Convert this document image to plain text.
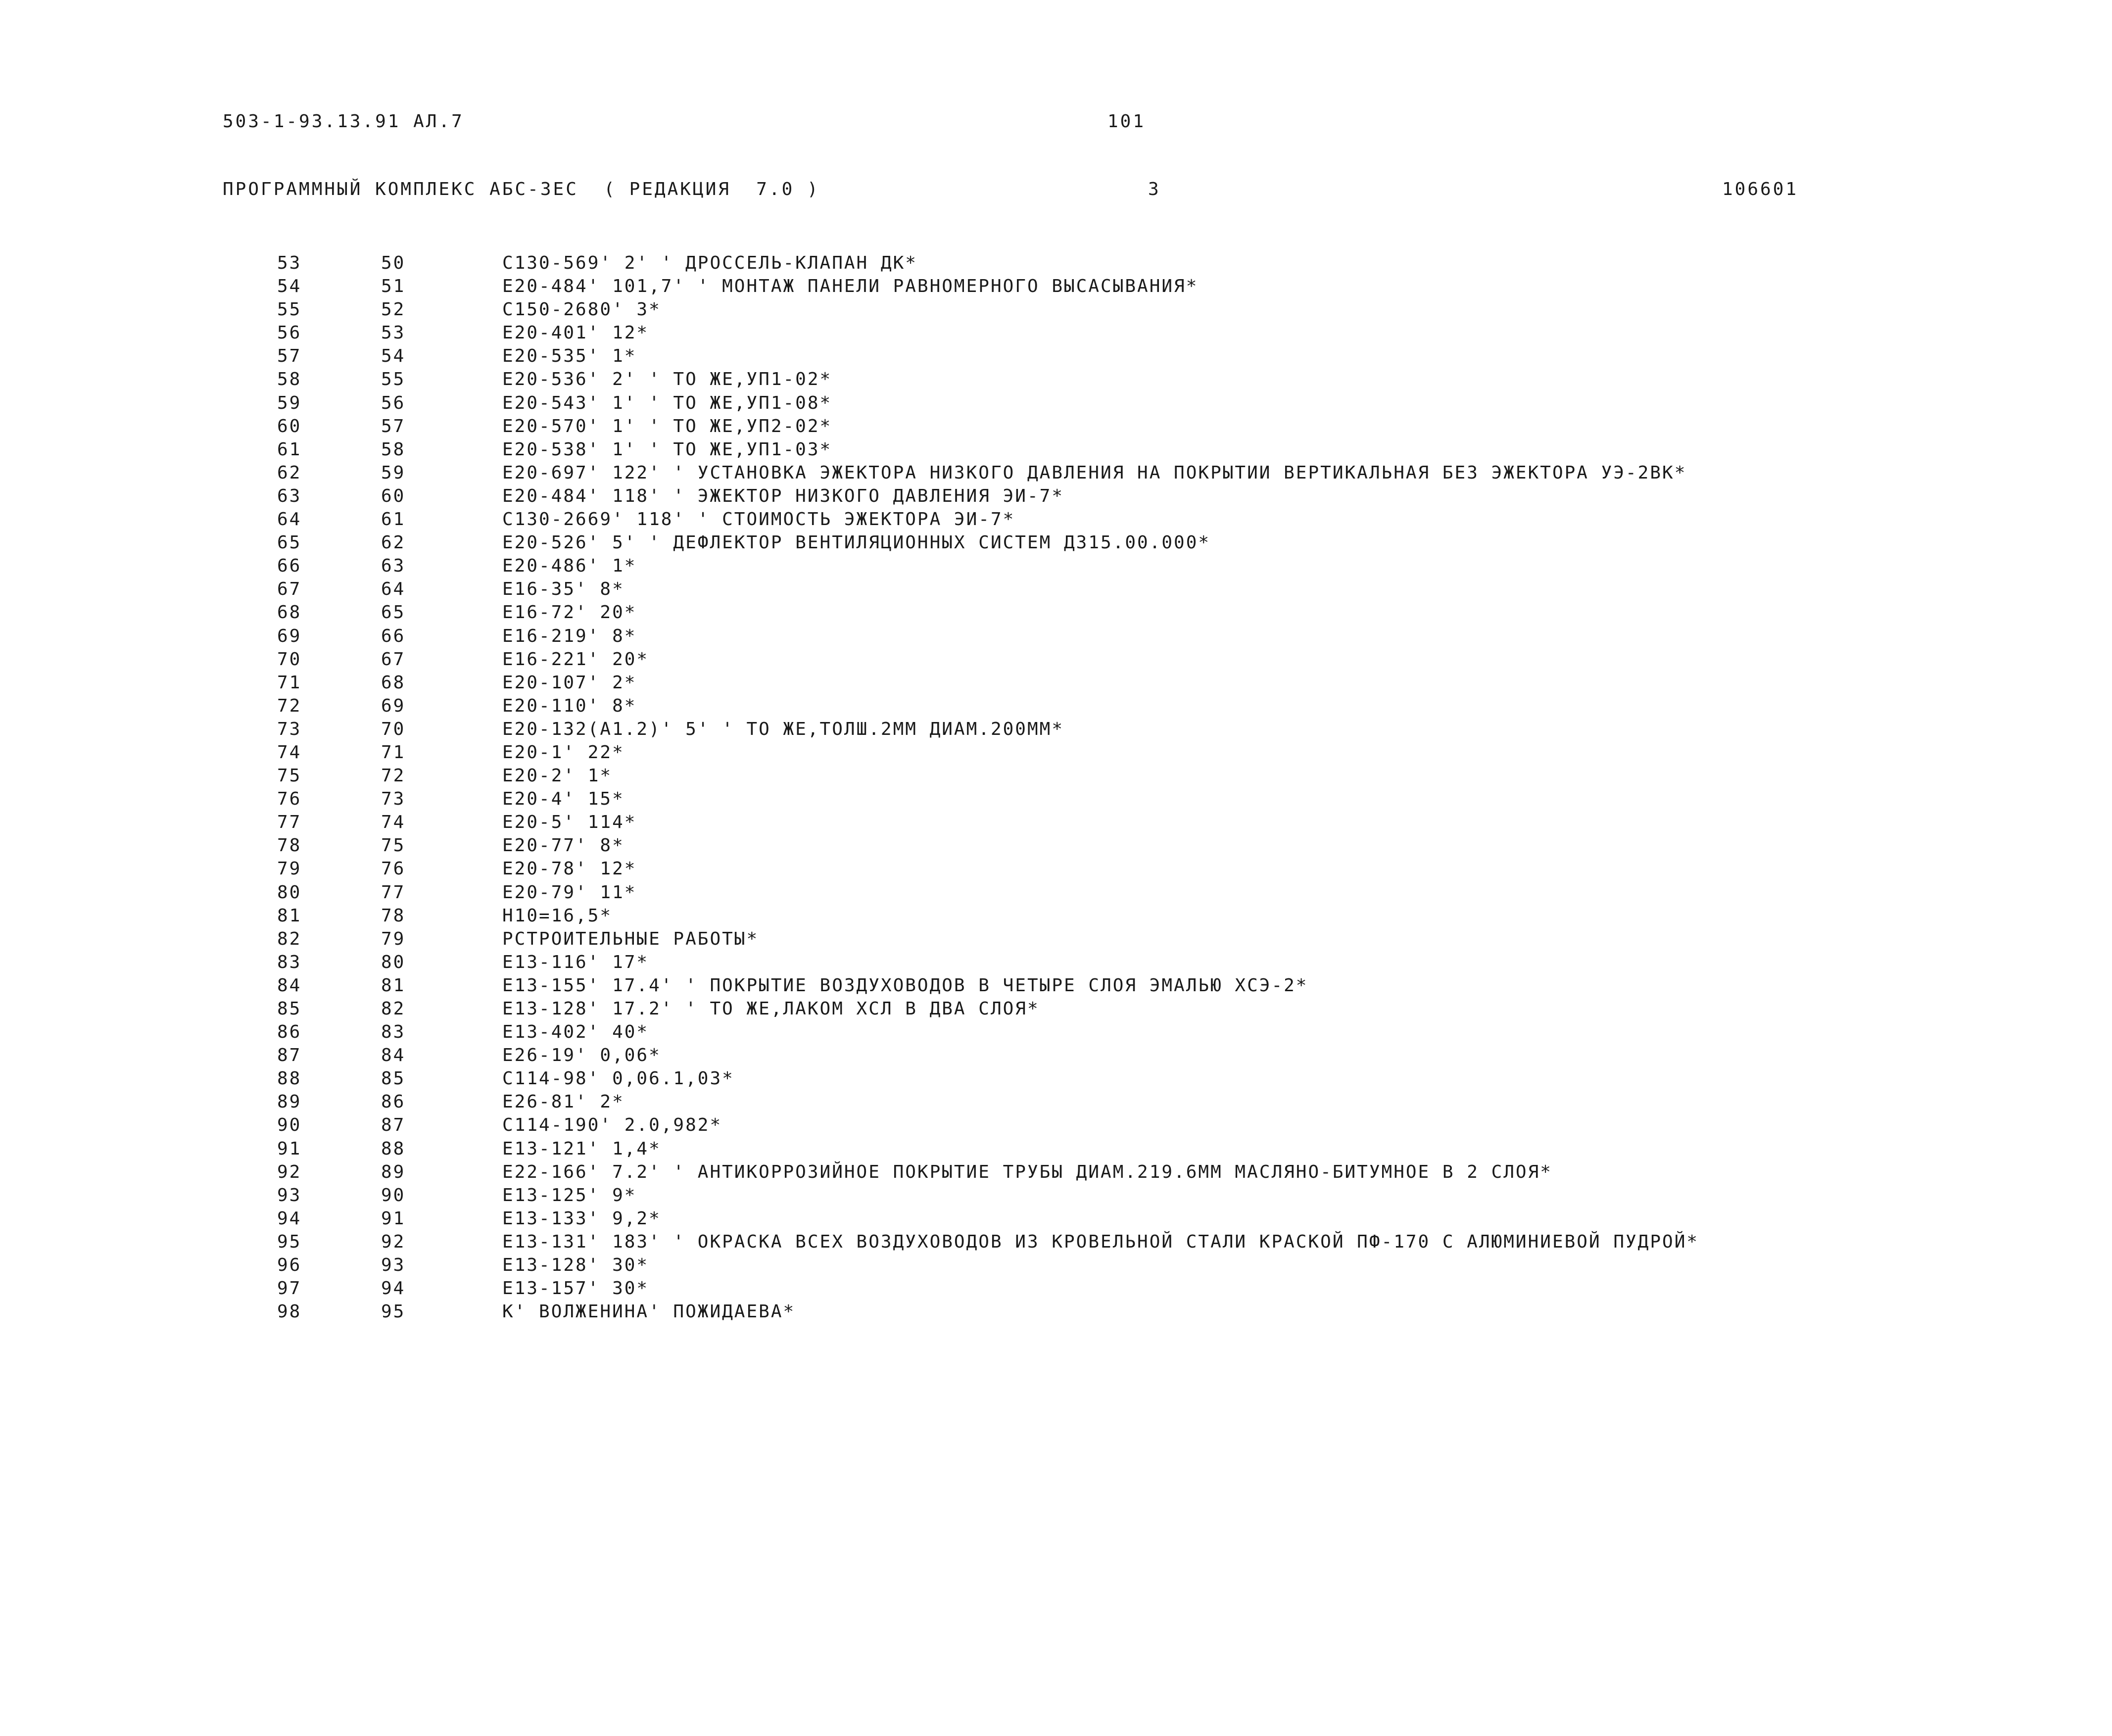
503-1-93.13.91 АЛ.7	101
ПРОГРАММНЫЙ КОМПЛЕКС АБС-3ЕС  ( РЕДАКЦИЯ  7.0 )	3	106601
53	50	С130-569' 2' ' ДРОССЕЛЬ-КЛАПАН ДК*
54	51	Е20-484' 101,7' ' МОНТАЖ ПАНЕЛИ РАВНОМЕРНОГО ВЫСАСЫВАНИЯ*
55	52	С150-2680' 3*
56	53	Е20-401' 12*
57	54	Е20-535' 1*
58	55	Е20-536' 2' ' ТО ЖЕ,УП1-02*
59	56	Е20-543' 1' ' ТО ЖЕ,УП1-08*
60	57	Е20-570' 1' ' ТО ЖЕ,УП2-02*
61	58	Е20-538' 1' ' ТО ЖЕ,УП1-03*
62	59	Е20-697' 122' ' УСТАНОВКА ЭЖЕКТОРА НИЗКОГО ДАВЛЕНИЯ НА ПОКРЫТИИ ВЕРТИКАЛЬНАЯ БЕЗ ЭЖЕКТОРА УЭ-2ВК*
63	60	Е20-484' 118' ' ЭЖЕКТОР НИЗКОГО ДАВЛЕНИЯ ЭИ-7*
64	61	С130-2669' 118' ' СТОИМОСТЬ ЭЖЕКТОРА ЭИ-7*
65	62	Е20-526' 5' ' ДЕФЛЕКТОР ВЕНТИЛЯЦИОННЫХ СИСТЕМ Д315.00.000*
66	63	Е20-486' 1*
67	64	Е16-35' 8*
68	65	Е16-72' 20*
69	66	Е16-219' 8*
70	67	Е16-221' 20*
71	68	Е20-107' 2*
72	69	Е20-110' 8*
73	70	Е20-132(А1.2)' 5' ' ТО ЖЕ,ТОЛШ.2ММ ДИАМ.200ММ*
74	71	Е20-1' 22*
75	72	Е20-2' 1*
76	73	Е20-4' 15*
77	74	Е20-5' 114*
78	75	Е20-77' 8*
79	76	Е20-78' 12*
80	77	Е20-79' 11*
81	78	Н10=16,5*
82	79	РСТРОИТЕЛЬНЫЕ РАБОТЫ*
83	80	Е13-116' 17*
84	81	Е13-155' 17.4' ' ПОКРЫТИЕ ВОЗДУХОВОДОВ В ЧЕТЫРЕ СЛОЯ ЭМАЛЬЮ ХСЭ-2*
85	82	Е13-128' 17.2' ' ТО ЖЕ,ЛАКОМ ХСЛ В ДВА СЛОЯ*
86	83	Е13-402' 40*
87	84	Е26-19' 0,06*
88	85	С114-98' 0,06.1,03*
89	86	Е26-81' 2*
90	87	С114-190' 2.0,982*
91	88	Е13-121' 1,4*
92	89	Е22-166' 7.2' ' АНТИКОРРОЗИЙНОЕ ПОКРЫТИЕ ТРУБЫ ДИАМ.219.6ММ МАСЛЯНО-БИТУМНОЕ В 2 СЛОЯ*
93	90	Е13-125' 9*
94	91	Е13-133' 9,2*
95	92	Е13-131' 183' ' ОКРАСКА ВСЕХ ВОЗДУХОВОДОВ ИЗ КРОВЕЛЬНОЙ СТАЛИ КРАСКОЙ ПФ-170 С АЛЮМИНИЕВОЙ ПУДРОЙ*
96	93	Е13-128' 30*
97	94	Е13-157' 30*
98	95	К' ВОЛЖЕНИНА' ПОЖИДАЕВА*
